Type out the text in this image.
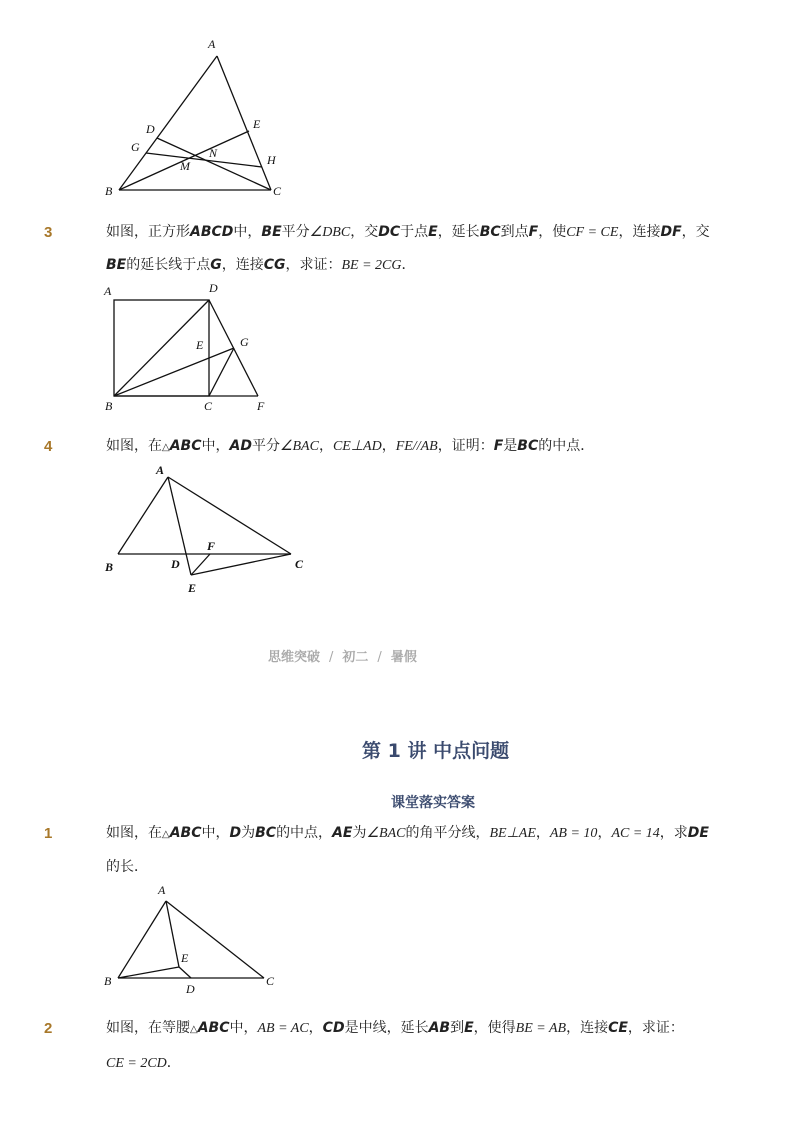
A
B	C
D	E
G
H
M
N
3	如图，正方形ABCD中，BE平分∠DBC，交DC于点E，延长BC到点F，使CF = CE，连接DF，交
BE的延长线于点G，连接CG，求证：BE = 2CG．
A
B	C
D
E
F
G
4	如图，在△ABC中，AD平分∠BAC，CE⊥AD，FE//AB，证明：F是BC的中点．
A
B	C
D
E
F
思维突破 / 初二 / 暑假
第 1 讲 中点问题
课堂落实答案
1	如图，在△ABC中，D为BC的中点，AE为∠BAC的角平分线，BE⊥AE，AB = 10，AC = 14，求DE
的长．
A
B	C
D
E
2	如图，在等腰△ABC中，AB = AC，CD是中线，延长AB到E，使得BE = AB，连接CE，求证：
CE = 2CD．
